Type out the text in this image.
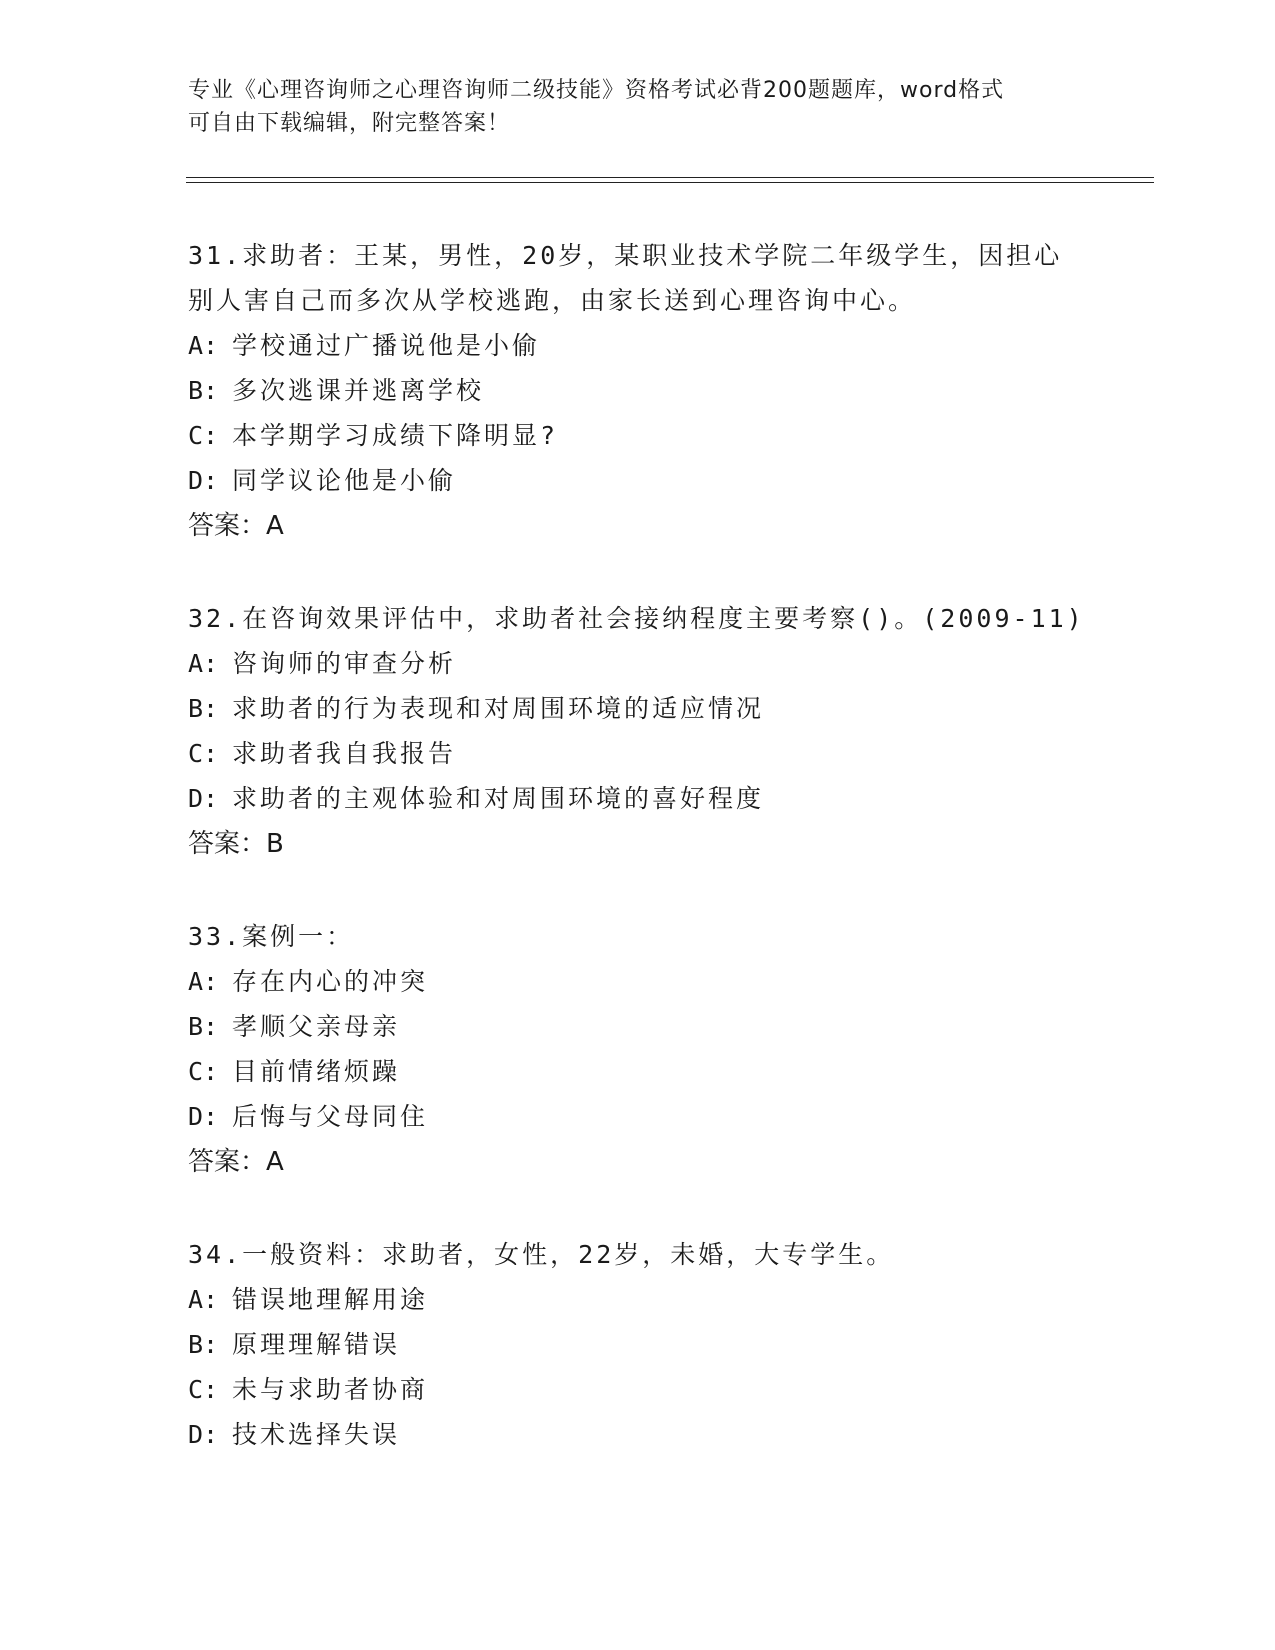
专业《心理咨询师之心理咨询师二级技能》资格考试必背200题题库，word格式
可自由下载编辑，附完整答案！
31.求助者：王某，男性，20岁，某职业技术学院二年级学生，因担心
别人害自己而多次从学校逃跑，由家长送到心理咨询中心。
A: 学校通过广播说他是小偷
B: 多次逃课并逃离学校
C: 本学期学习成绩下降明显?
D: 同学议论他是小偷
答案：A
32.在咨询效果评估中，求助者社会接纳程度主要考察()。(2009-11)
A: 咨询师的审查分析
B: 求助者的行为表现和对周围环境的适应情况
C: 求助者我自我报告
D: 求助者的主观体验和对周围环境的喜好程度
答案：B
33.案例一：
A: 存在内心的冲突
B: 孝顺父亲母亲
C: 目前情绪烦躁
D: 后悔与父母同住
答案：A
34.一般资料：求助者，女性，22岁，未婚，大专学生。
A: 错误地理解用途
B: 原理理解错误
C: 未与求助者协商
D: 技术选择失误
